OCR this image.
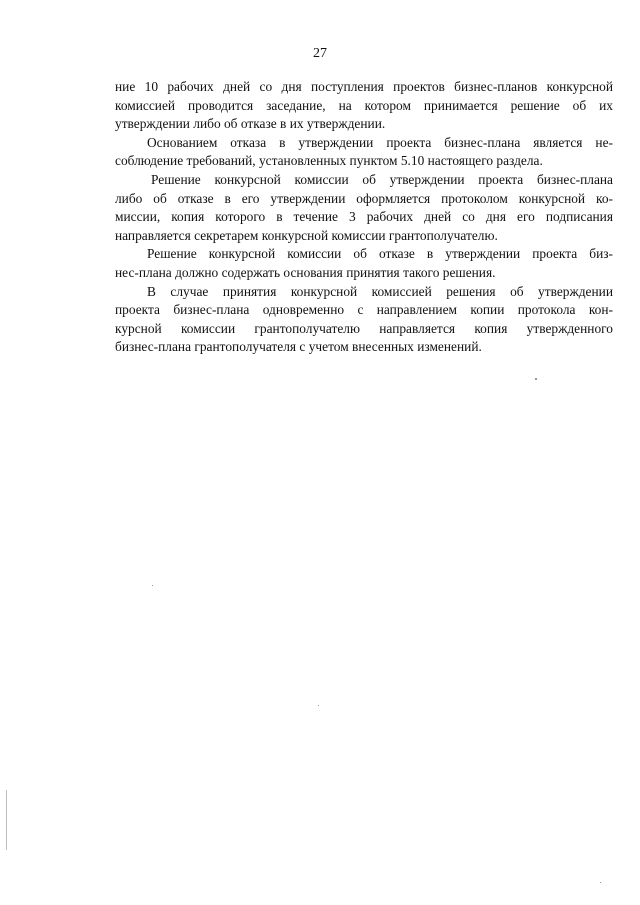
27

ние 10 рабочих дней со дня поступления проектов бизнес-планов конкурсной
комиссией проводится заседание, на котором принимается решение об их
утверждении либо об отказе в их утверждении.

Основанием отказа в утверждении проекта бизнес-плана является не-
соблюдение требований, установленных пунктом 5.10 настоящего раздела.

Решение конкурсной комиссии об утверждении проекта бизнес-плана
либо об отказе в его утверждении оформляется протоколом конкурсной ко-
миссии, копия которого в течение 3 рабочих дней со дня его подписания
направляется секретарем конкурсной комиссии грантополучателю.

Решение конкурсной комиссии об отказе в утверждении проекта биз-
нес-плана должно содержать основания принятия такого решения.

В случае принятия конкурсной комиссией решения об утверждении
проекта бизнес-плана одновременно с направлением копии протокола кон-
курсной комиссии грантополучателю направляется копия утвержденного
бизнес-плана грантополучателя с учетом внесенных изменений.
